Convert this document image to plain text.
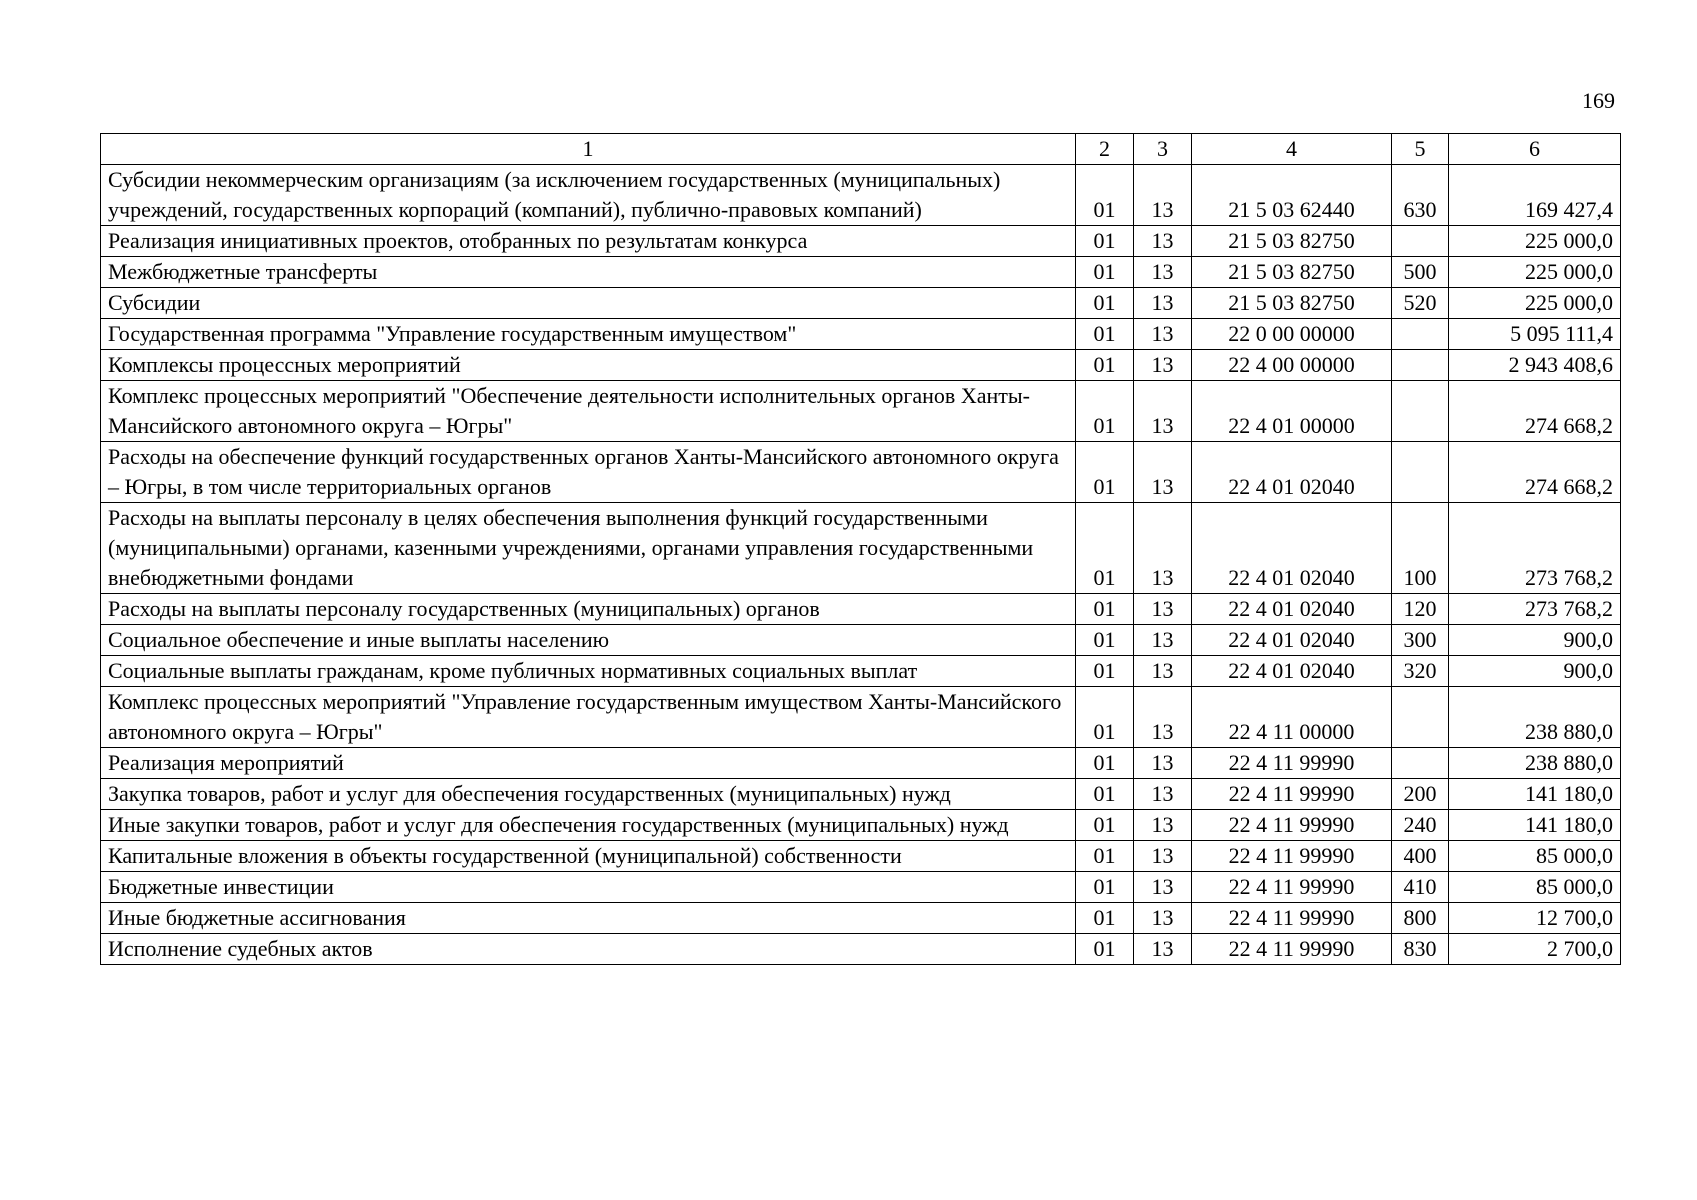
169
1	2	3	4	5	6
Субсидии некоммерческим организациям (за исключением государственных (муниципальных) учреждений, государственных корпораций (компаний), публично-правовых компаний)	01	13	21 5 03 62440	630	169 427,4
Реализация инициативных проектов, отобранных по результатам конкурса	01	13	21 5 03 82750		225 000,0
Межбюджетные трансферты	01	13	21 5 03 82750	500	225 000,0
Субсидии	01	13	21 5 03 82750	520	225 000,0
Государственная программа "Управление государственным имуществом"	01	13	22 0 00 00000		5 095 111,4
Комплексы процессных мероприятий	01	13	22 4 00 00000		2 943 408,6
Комплекс процессных мероприятий "Обеспечение деятельности исполнительных органов Ханты-Мансийского автономного округа – Югры"	01	13	22 4 01 00000		274 668,2
Расходы на обеспечение функций государственных органов Ханты-Мансийского автономного округа – Югры, в том числе территориальных органов	01	13	22 4 01 02040		274 668,2
Расходы на выплаты персоналу в целях обеспечения выполнения функций государственными (муниципальными) органами, казенными учреждениями, органами управления государственными внебюджетными фондами	01	13	22 4 01 02040	100	273 768,2
Расходы на выплаты персоналу государственных (муниципальных) органов	01	13	22 4 01 02040	120	273 768,2
Социальное обеспечение и иные выплаты населению	01	13	22 4 01 02040	300	900,0
Социальные выплаты гражданам, кроме публичных нормативных социальных выплат	01	13	22 4 01 02040	320	900,0
Комплекс процессных мероприятий "Управление государственным имуществом Ханты-Мансийского автономного округа – Югры"	01	13	22 4 11 00000		238 880,0
Реализация мероприятий	01	13	22 4 11 99990		238 880,0
Закупка товаров, работ и услуг для обеспечения государственных (муниципальных) нужд	01	13	22 4 11 99990	200	141 180,0
Иные закупки товаров, работ и услуг для обеспечения государственных (муниципальных) нужд	01	13	22 4 11 99990	240	141 180,0
Капитальные вложения в объекты государственной (муниципальной) собственности	01	13	22 4 11 99990	400	85 000,0
Бюджетные инвестиции	01	13	22 4 11 99990	410	85 000,0
Иные бюджетные ассигнования	01	13	22 4 11 99990	800	12 700,0
Исполнение судебных актов	01	13	22 4 11 99990	830	2 700,0
